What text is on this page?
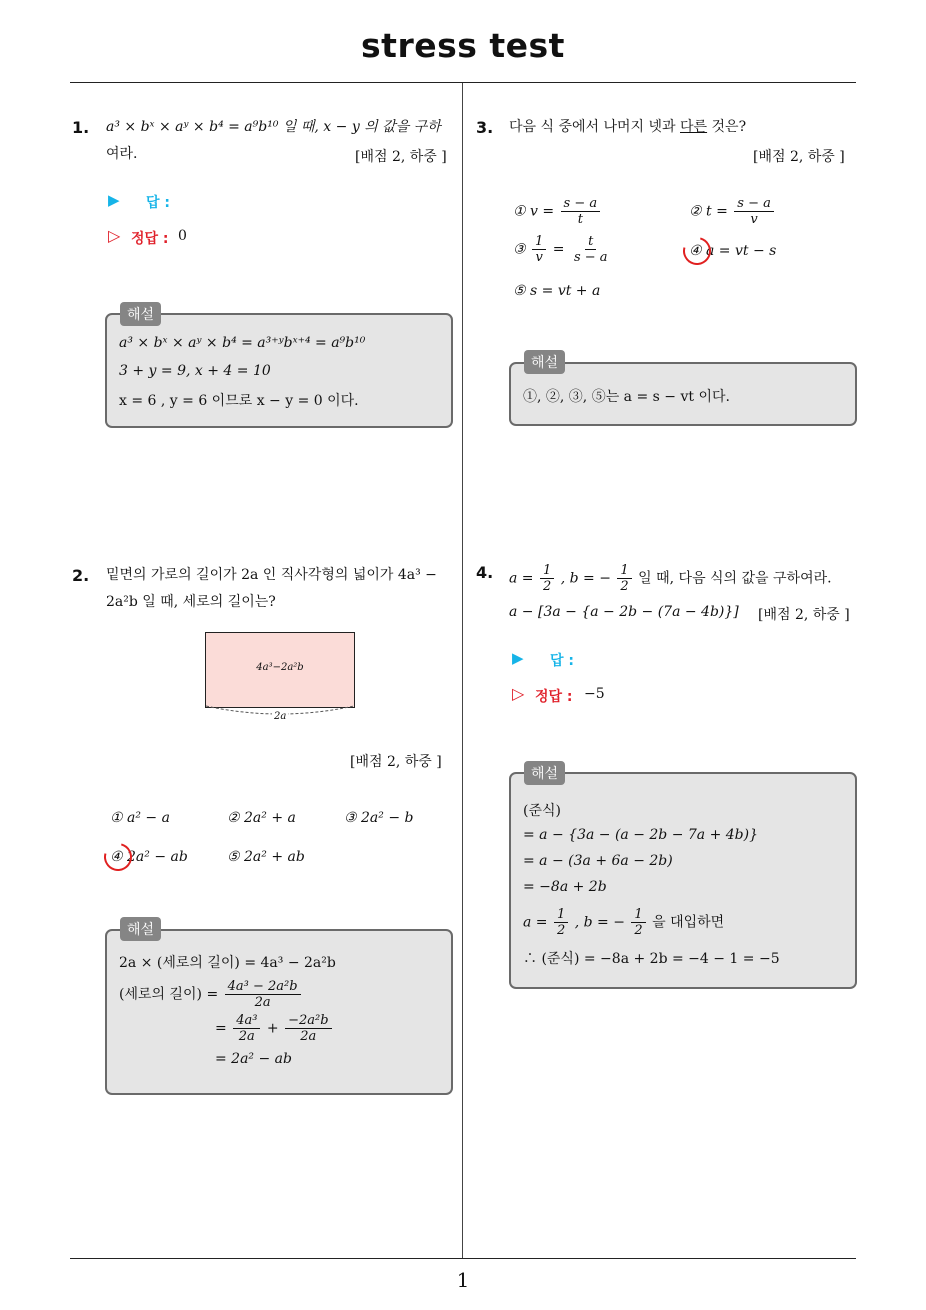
stress test
1. a³ × bˣ × aʸ × b⁴ = a⁹b¹⁰ 일 때, x − y 의 값을 구하
여라.	[배점 2, 하중 ]
▶ 답 :
▷ 정답 : 0
a³ × bˣ × aʸ × b⁴ = a³⁺ʸbˣ⁺⁴ = a⁹b¹⁰
3 + y = 9, x + 4 = 10
x = 6 , y = 6 이므로 x − y = 0 이다.
해설
2. 밑면의 가로의 길이가 2a 인 직사각형의 넓이가 4a³ −
2a²b 일 때, 세로의 길이는?
4a³−2a²b
2a
[배점 2, 하중 ]
① a² − a	② 2a² + a	③ 2a² − b
④ 2a² − ab	⑤ 2a² + ab
2a × (세로의 길이) = 4a³ − 2a²b
(세로의 길이) = $\frac{\text{4a³ − 2a²b}}{2a}$
= $\frac{\text{4a³}}{2a} + \frac{\text{−2a²b}}{2a}$
= 2a² − ab
해설
3. 다음 식 중에서 나머지 넷과 다른 것은?
[배점 2, 하중 ]
① $v = \frac{s - a}{t}$	② $t = \frac{s - a}{v}$
③ $\frac{1}{v} = \frac{t}{s - a}$	④ a = vt − s
⑤ s = vt + a
①, ②, ③, ⑤는 a = s − vt 이다.
해설
4. $a = \frac{1}{2}$ , b = − $\frac{1}{2}$ 일 때, 다음 식의 값을 구하여라.
a − [3a − {a − 2b − (7a − 4b)}] [배점 2, 하중 ]
▶ 답 :
▷ 정답 : −5
(준식)
= a − {3a − (a − 2b − 7a + 4b)}
= a − (3a + 6a − 2b)
= −8a + 2b
$a = \frac{1}{2}$ , b = − $\frac{1}{2}$ 을 대입하면
∴ (준식) = −8a + 2b = −4 − 1 = −5
해설
1
